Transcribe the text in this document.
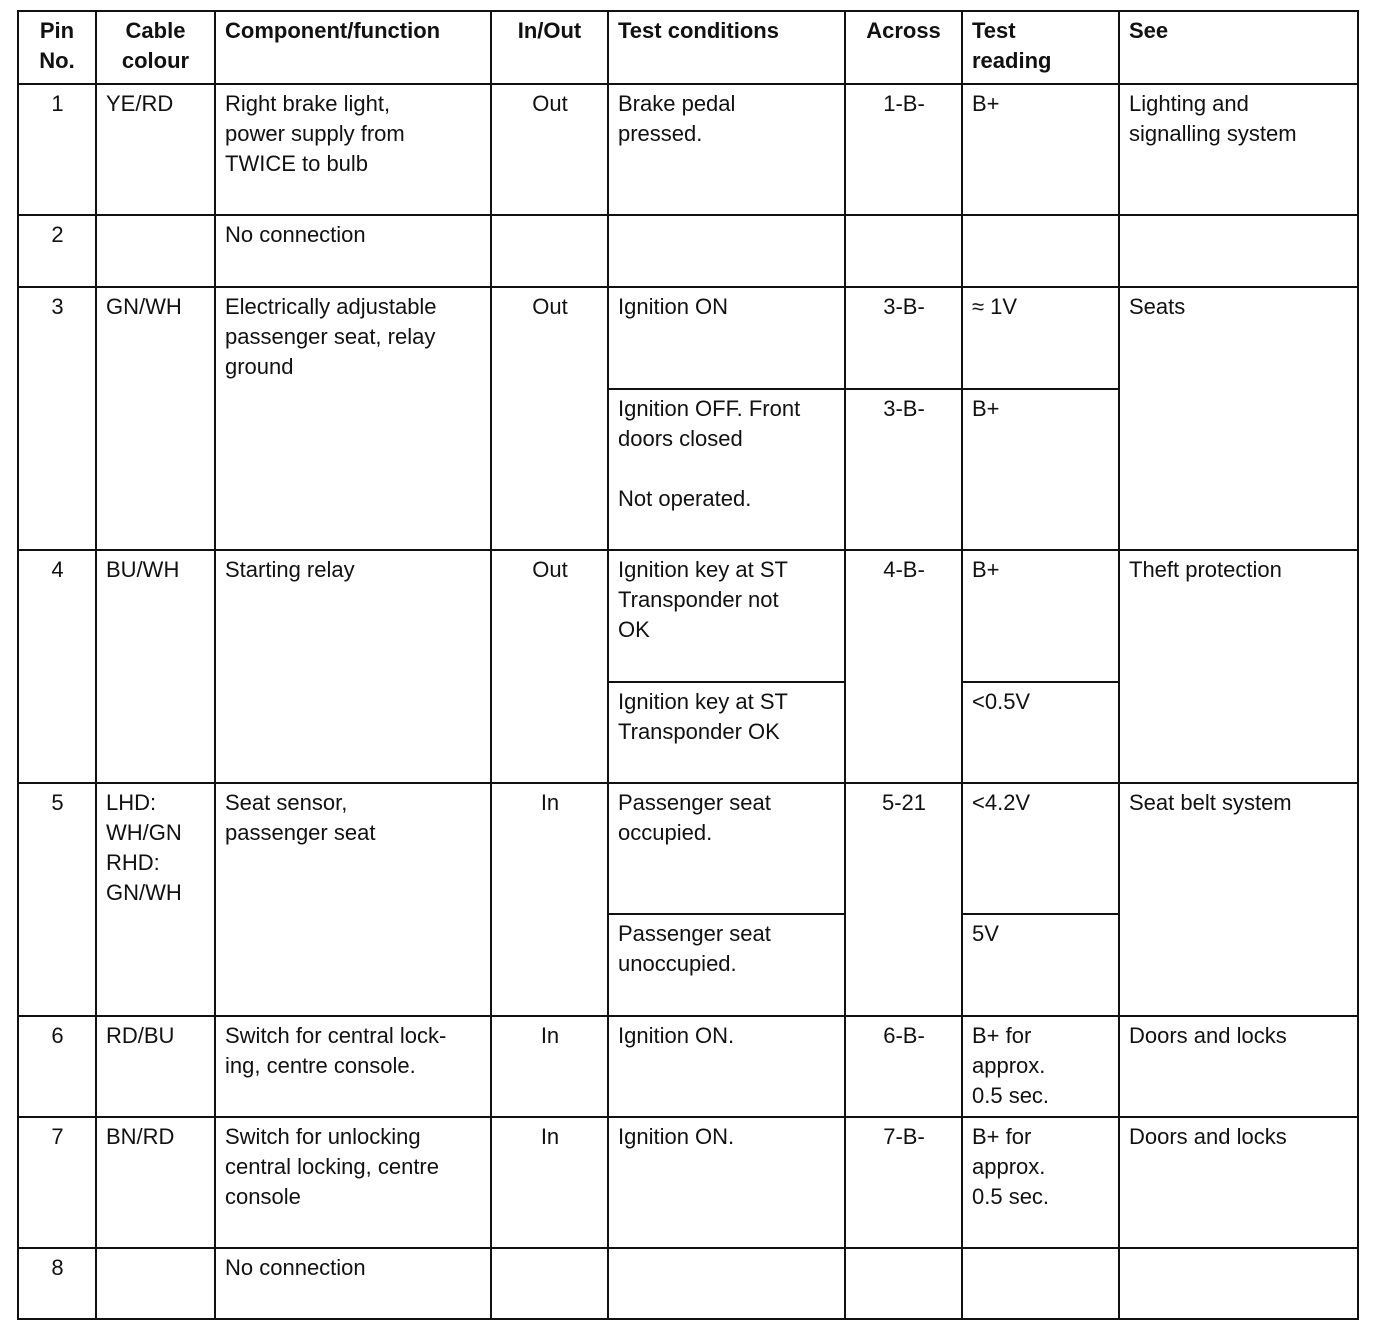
Pin
No.	Cable
colour	Component/function	In/Out	Test conditions	Across	Test
reading	See
1	YE/RD	Right brake light,
power supply from
TWICE to bulb	Out	Brake pedal
pressed.	1-B-	B+	Lighting and
signalling system
2		No connection					
3	GN/WH	Electrically adjustable
passenger seat, relay
ground	Out	Ignition ON	3-B-	≈ 1V	Seats
				Ignition OFF. Front
doors closed

Not operated.	3-B-	B+	
4	BU/WH	Starting relay	Out	Ignition key at ST
Transponder not
OK	4-B-	B+	Theft protection
				Ignition key at ST
Transponder OK		<0.5V	
5	LHD:
WH/GN
RHD:
GN/WH	Seat sensor,
passenger seat	In	Passenger seat
occupied.	5-21	<4.2V	Seat belt system
				Passenger seat
unoccupied.		5V	
6	RD/BU	Switch for central lock-
ing, centre console.	In	Ignition ON.	6-B-	B+ for
approx.
0.5 sec.	Doors and locks
7	BN/RD	Switch for unlocking
central locking, centre
console	In	Ignition ON.	7-B-	B+ for
approx.
0.5 sec.	Doors and locks
8		No connection					
